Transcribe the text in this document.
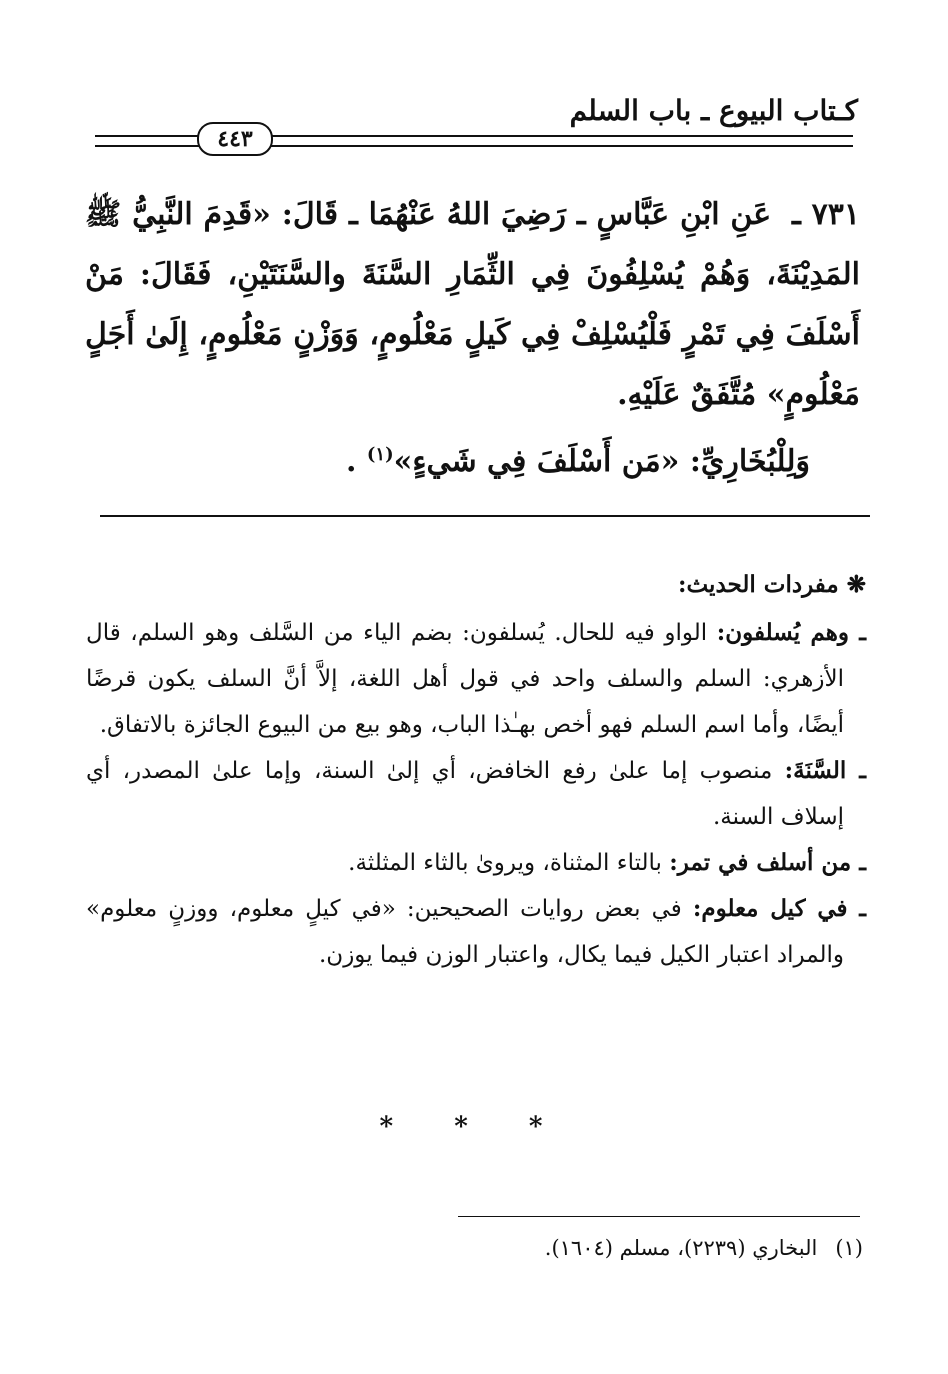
كـتاب البيوع ـ باب السلم
٤٤٣

٧٣١ ـ عَنِ ابْنِ عَبَّاسٍ ـ رَضِيَ اللهُ عَنْهُمَا ـ قَالَ: «قَدِمَ النَّبِيُّ ﷺ المَدِيْنَةَ، وَهُمْ يُسْلِفُونَ فِي الثِّمَارِ السَّنَةَ والسَّنَتَيْنِ، فَقَالَ: مَنْ أَسْلَفَ فِي تَمْرٍ فَلْيُسْلِفْ فِي كَيلٍ مَعْلُومٍ، وَوَزْنٍ مَعْلُومٍ، إِلَىٰ أَجَلٍ مَعْلُومٍ» مُتَّفَقٌ عَلَيْهِ.

وَلِلْبُخَارِيِّ: «مَن أَسْلَفَ فِي شَيءٍ»$^{(١)}$ .

❋ مفردات الحديث:

ـ وهم يُسلفون: الواو فيه للحال. يُسلفون: بضم الياء من السَّلف وهو السلم، قال الأزهري: السلم والسلف واحد في قول أهل اللغة، إلاَّ أنَّ السلف يكون قرضًا أيضًا، وأما اسم السلم فهو أخص بهـٰذا الباب، وهو بيع من البيوع الجائزة بالاتفاق.

ـ السَّنَةَ: منصوب إما علىٰ رفع الخافض، أي إلىٰ السنة، وإما علىٰ المصدر، أي إسلاف السنة.

ـ من أسلف في تمر: بالتاء المثناة، ويروىٰ بالثاء المثلثة.

ـ في كيل معلوم: في بعض روايات الصحيحين: «في كيلٍ معلوم، ووزنٍ معلوم» والمراد اعتبار الكيل فيما يكال، واعتبار الوزن فيما يوزن.

* * *
(١)البخاري (٢٢٣٩)، مسلم (١٦٠٤).
